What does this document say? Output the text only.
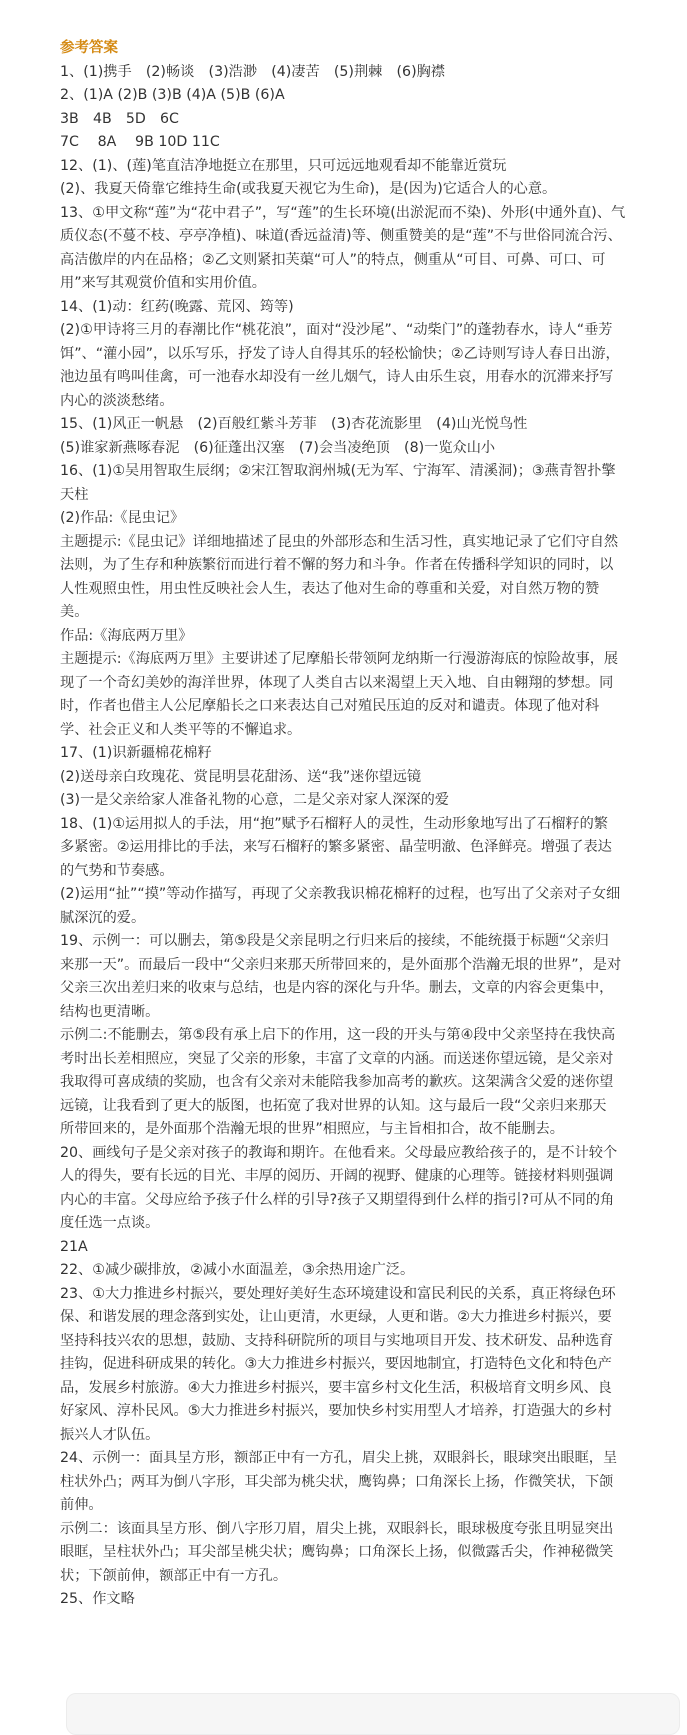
参考答案
1、(1)携手　(2)畅谈　(3)浩渺　(4)凄苦　(5)荆棘　(6)胸襟
2、(1)A (2)B (3)B (4)A (5)B (6)A
3B　4B　5D　6C
7C　 8A　 9B 10D 11C
12、(1)、(莲)笔直洁净地挺立在那里，只可远远地观看却不能靠近赏玩
(2)、我夏天倚靠它维持生命(或我夏天视它为生命)，是(因为)它适合人的心意。
13、①甲文称“莲”为“花中君子”，写“莲”的生长环境(出淤泥而不染)、外形(中通外直)、气
质仪态(不蔓不枝、亭亭净植)、味道(香远益清)等、侧重赞美的是“莲”不与世俗同流合污、
高洁傲岸的内在品格；②乙文则紧扣芙蕖“可人”的特点，侧重从“可目、可鼻、可口、可
用”来写其观赏价值和实用价值。
14、(1)动：红药(晚露、荒冈、筠等)
(2)①甲诗将三月的春潮比作“桃花浪”，面对“没沙尾”、“动柴门”的蓬勃春水，诗人“垂芳
饵”、“灌小园”，以乐写乐，抒发了诗人自得其乐的轻松愉快；②乙诗则写诗人春日出游，
池边虽有鸣叫佳禽，可一池春水却没有一丝儿烟气，诗人由乐生哀，用春水的沉滞来抒写
内心的淡淡愁绪。
15、(1)风正一帆悬　(2)百般红紫斗芳菲　(3)杏花流影里　(4)山光悦鸟性
(5)谁家新燕啄春泥　(6)征蓬出汉塞　(7)会当凌绝顶　(8)一览众山小
16、(1)①吴用智取生辰纲；②宋江智取润州城(无为军、宁海军、清溪洞)；③燕青智扑擎
天柱
(2)作品:《昆虫记》
主题提示:《昆虫记》详细地描述了昆虫的外部形态和生活习性，真实地记录了它们守自然
法则，为了生存和种族繁衍而进行着不懈的努力和斗争。作者在传播科学知识的同时，以
人性观照虫性，用虫性反映社会人生，表达了他对生命的尊重和关爱，对自然万物的赞
美。
作品:《海底两万里》
主题提示:《海底两万里》主要讲述了尼摩船长带领阿龙纳斯一行漫游海底的惊险故事，展
现了一个奇幻美妙的海洋世界，体现了人类自古以来渴望上天入地、自由翱翔的梦想。同
时，作者也借主人公尼摩船长之口来表达自己对殖民压迫的反对和谴责。体现了他对科
学、社会正义和人类平等的不懈追求。
17、(1)识新疆棉花棉籽
(2)送母亲白玫瑰花、赏昆明昙花甜汤、送“我”迷你望远镜
(3)一是父亲给家人准备礼物的心意，二是父亲对家人深深的爱
18、(1)①运用拟人的手法，用“抱”赋予石榴籽人的灵性，生动形象地写出了石榴籽的繁
多紧密。②运用排比的手法，来写石榴籽的繁多紧密、晶莹明澈、色泽鲜亮。增强了表达
的气势和节奏感。
(2)运用“扯”“摸”等动作描写，再现了父亲教我识棉花棉籽的过程，也写出了父亲对子女细
腻深沉的爱。
19、示例一：可以删去，第⑤段是父亲昆明之行归来后的接续，不能统摄于标题“父亲归
来那一天”。而最后一段中“父亲归来那天所带回来的，是外面那个浩瀚无垠的世界”，是对
父亲三次出差归来的收束与总结，也是内容的深化与升华。删去，文章的内容会更集中，
结构也更清晰。
示例二:不能删去，第⑤段有承上启下的作用，这一段的开头与第④段中父亲坚持在我快高
考时出长差相照应，突显了父亲的形象，丰富了文章的内涵。而送迷你望远镜，是父亲对
我取得可喜成绩的奖励，也含有父亲对未能陪我参加高考的歉疚。这架满含父爱的迷你望
远镜，让我看到了更大的版图，也拓宽了我对世界的认知。这与最后一段“父亲归来那天
所带回来的，是外面那个浩瀚无垠的世界”相照应，与主旨相扣合，故不能删去。
20、画线句子是父亲对孩子的教诲和期许。在他看来。父母最应教给孩子的，是不计较个
人的得失，要有长远的目光、丰厚的阅历、开阔的视野、健康的心理等。链接材料则强调
内心的丰富。父母应给予孩子什么样的引导?孩子又期望得到什么样的指引?可从不同的角
度任选一点谈。
21A
22、①减少碳排放，②减小水面温差，③余热用途广泛。
23、①大力推进乡村振兴，要处理好美好生态环境建设和富民利民的关系，真正将绿色环
保、和谐发展的理念落到实处，让山更清，水更绿，人更和谐。②大力推进乡村振兴，要
坚持科技兴农的思想，鼓励、支持科研院所的项目与实地项目开发、技术研发、品种选育
挂钩，促进科研成果的转化。③大力推进乡村振兴，要因地制宜，打造特色文化和特色产
品，发展乡村旅游。④大力推进乡村振兴，要丰富乡村文化生活，积极培育文明乡风、良
好家风、淳朴民风。⑤大力推进乡村振兴，要加快乡村实用型人才培养，打造强大的乡村
振兴人才队伍。
24、示例一：面具呈方形，额部正中有一方孔，眉尖上挑，双眼斜长，眼球突出眼眶，呈
柱状外凸；两耳为倒八字形，耳尖部为桃尖状，鹰钩鼻；口角深长上扬，作微笑状，下颌
前伸。
示例二：该面具呈方形、倒八字形刀眉，眉尖上挑，双眼斜长，眼球极度夸张且明显突出
眼眶，呈柱状外凸；耳尖部呈桃尖状；鹰钩鼻；口角深长上扬，似微露舌尖，作神秘微笑
状；下颌前伸，额部正中有一方孔。
25、作文略
